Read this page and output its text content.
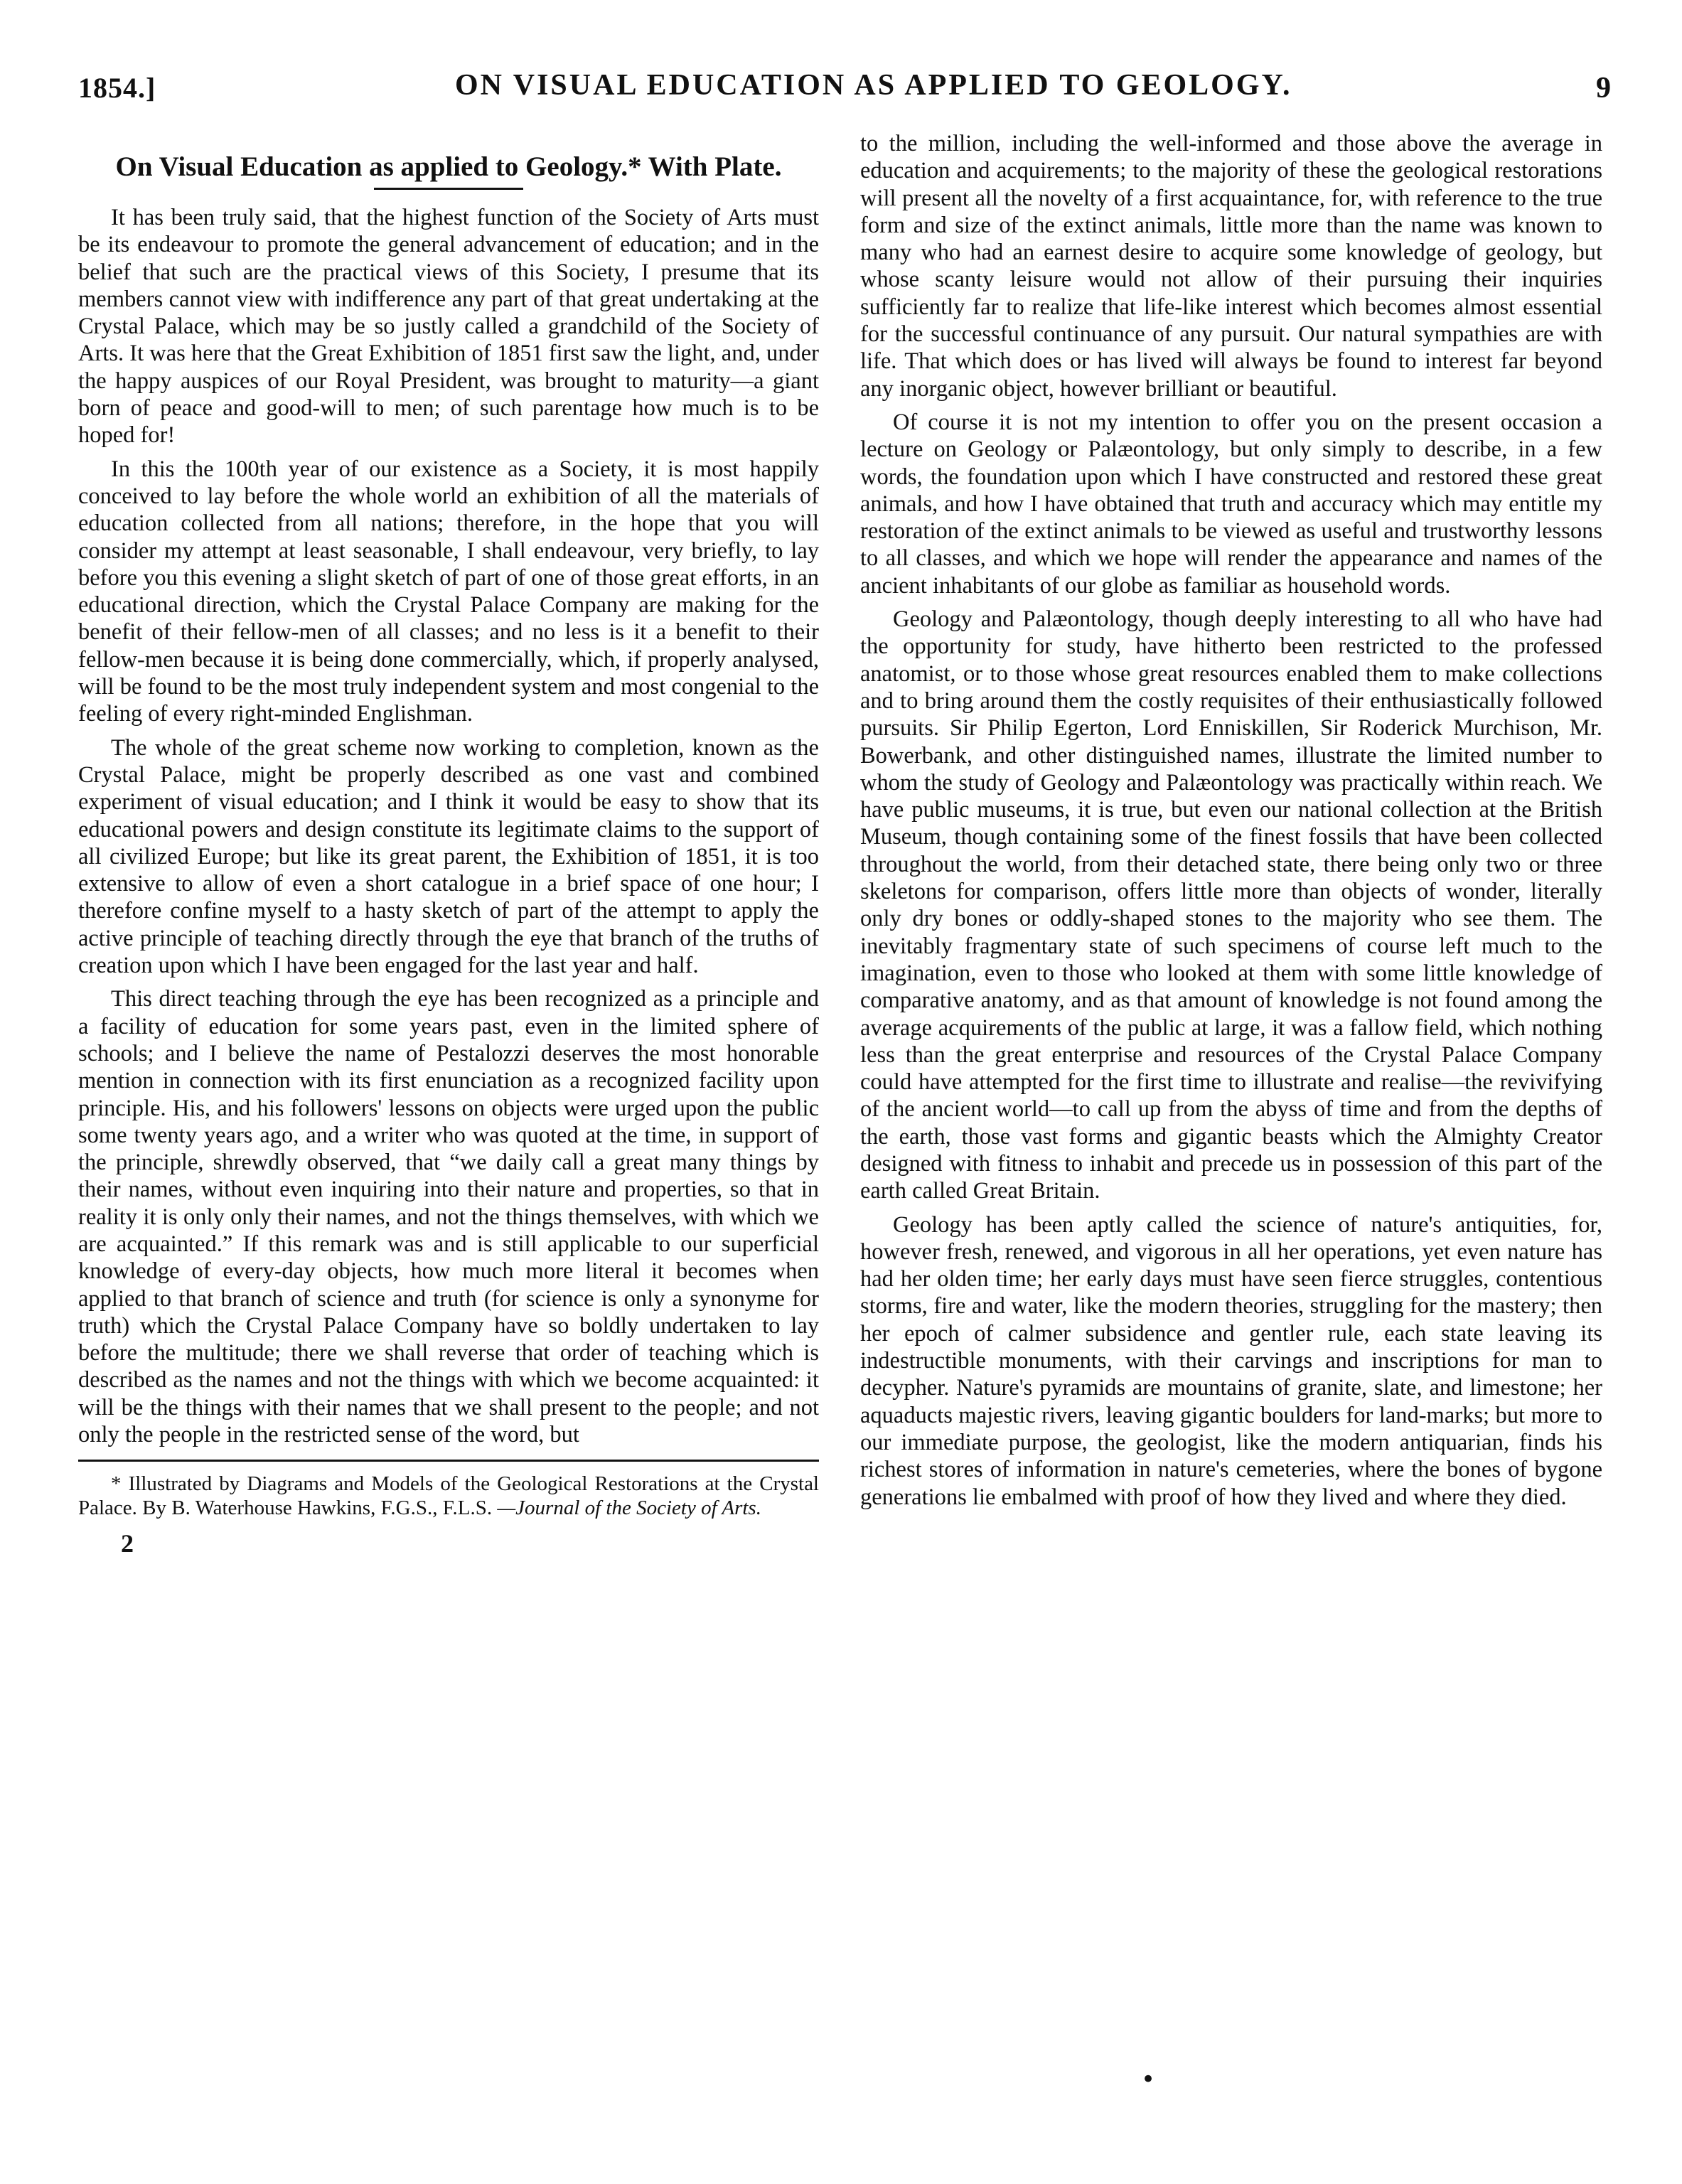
1854.]	ON VISUAL EDUCATION AS APPLIED TO GEOLOGY.	9
On Visual Education as applied to Geology.* With Plate.

It has been truly said, that the highest function of the Society of Arts must be its endeavour to promote the general advancement of education; and in the belief that such are the practical views of this Society, I presume that its members cannot view with indifference any part of that great undertaking at the Crystal Palace, which may be so justly called a grandchild of the Society of Arts. It was here that the Great Exhibition of 1851 first saw the light, and, under the happy auspices of our Royal President, was brought to maturity—a giant born of peace and good-will to men; of such parentage how much is to be hoped for!

In this the 100th year of our existence as a Society, it is most happily conceived to lay before the whole world an exhibition of all the materials of education collected from all nations; therefore, in the hope that you will consider my attempt at least seasonable, I shall endeavour, very briefly, to lay before you this evening a slight sketch of part of one of those great efforts, in an educational direction, which the Crystal Palace Company are making for the benefit of their fellow-men of all classes; and no less is it a benefit to their fellow-men because it is being done commercially, which, if properly analysed, will be found to be the most truly independent system and most congenial to the feeling of every right-minded Englishman.

The whole of the great scheme now working to completion, known as the Crystal Palace, might be properly described as one vast and combined experiment of visual education; and I think it would be easy to show that its educational powers and design constitute its legitimate claims to the support of all civilized Europe; but like its great parent, the Exhibition of 1851, it is too extensive to allow of even a short catalogue in a brief space of one hour; I therefore confine myself to a hasty sketch of part of the attempt to apply the active principle of teaching directly through the eye that branch of the truths of creation upon which I have been engaged for the last year and half.

This direct teaching through the eye has been recognized as a principle and a facility of education for some years past, even in the limited sphere of schools; and I believe the name of Pestalozzi deserves the most honorable mention in connection with its first enunciation as a recognized facility upon principle. His, and his followers' lessons on objects were urged upon the public some twenty years ago, and a writer who was quoted at the time, in support of the principle, shrewdly observed, that “we daily call a great many things by their names, without even inquiring into their nature and properties, so that in reality it is only only their names, and not the things themselves, with which we are acquainted.” If this remark was and is still applicable to our superficial knowledge of every-day objects, how much more literal it becomes when applied to that branch of science and truth (for science is only a synonyme for truth) which the Crystal Palace Company have so boldly undertaken to lay before the multitude; there we shall reverse that order of teaching which is described as the names and not the things with which we become acquainted: it will be the things with their names that we shall present to the people; and not only the people in the restricted sense of the word, but

* Illustrated by Diagrams and Models of the Geological Restorations at the Crystal Palace. By B. Waterhouse Hawkins, F.G.S., F.L.S. —Journal of the Society of Arts.

2

to the million, including the well-informed and those above the average in education and acquirements; to the majority of these the geological restorations will present all the novelty of a first acquaintance, for, with reference to the true form and size of the extinct animals, little more than the name was known to many who had an earnest desire to acquire some knowledge of geology, but whose scanty leisure would not allow of their pursuing their inquiries sufficiently far to realize that life-like interest which becomes almost essential for the successful continuance of any pursuit. Our natural sympathies are with life. That which does or has lived will always be found to interest far beyond any inorganic object, however brilliant or beautiful.

Of course it is not my intention to offer you on the present occasion a lecture on Geology or Palæontology, but only simply to describe, in a few words, the foundation upon which I have constructed and restored these great animals, and how I have obtained that truth and accuracy which may entitle my restoration of the extinct animals to be viewed as useful and trustworthy lessons to all classes, and which we hope will render the appearance and names of the ancient inhabitants of our globe as familiar as household words.

Geology and Palæontology, though deeply interesting to all who have had the opportunity for study, have hitherto been restricted to the professed anatomist, or to those whose great resources enabled them to make collections and to bring around them the costly requisites of their enthusiastically followed pursuits. Sir Philip Egerton, Lord Enniskillen, Sir Roderick Murchison, Mr. Bowerbank, and other distinguished names, illustrate the limited number to whom the study of Geology and Palæontology was practically within reach. We have public museums, it is true, but even our national collection at the British Museum, though containing some of the finest fossils that have been collected throughout the world, from their detached state, there being only two or three skeletons for comparison, offers little more than objects of wonder, literally only dry bones or oddly-shaped stones to the majority who see them. The inevitably fragmentary state of such specimens of course left much to the imagination, even to those who looked at them with some little knowledge of comparative anatomy, and as that amount of knowledge is not found among the average acquirements of the public at large, it was a fallow field, which nothing less than the great enterprise and resources of the Crystal Palace Company could have attempted for the first time to illustrate and realise—the revivifying of the ancient world—to call up from the abyss of time and from the depths of the earth, those vast forms and gigantic beasts which the Almighty Creator designed with fitness to inhabit and precede us in possession of this part of the earth called Great Britain.

Geology has been aptly called the science of nature's antiquities, for, however fresh, renewed, and vigorous in all her operations, yet even nature has had her olden time; her early days must have seen fierce struggles, contentious storms, fire and water, like the modern theories, struggling for the mastery; then her epoch of calmer subsidence and gentler rule, each state leaving its indestructible monuments, with their carvings and inscriptions for man to decypher. Nature's pyramids are mountains of granite, slate, and limestone; her aquaducts majestic rivers, leaving gigantic boulders for land-marks; but more to our immediate purpose, the geologist, like the modern antiquarian, finds his richest stores of information in nature's cemeteries, where the bones of bygone generations lie embalmed with proof of how they lived and where they died.

•
